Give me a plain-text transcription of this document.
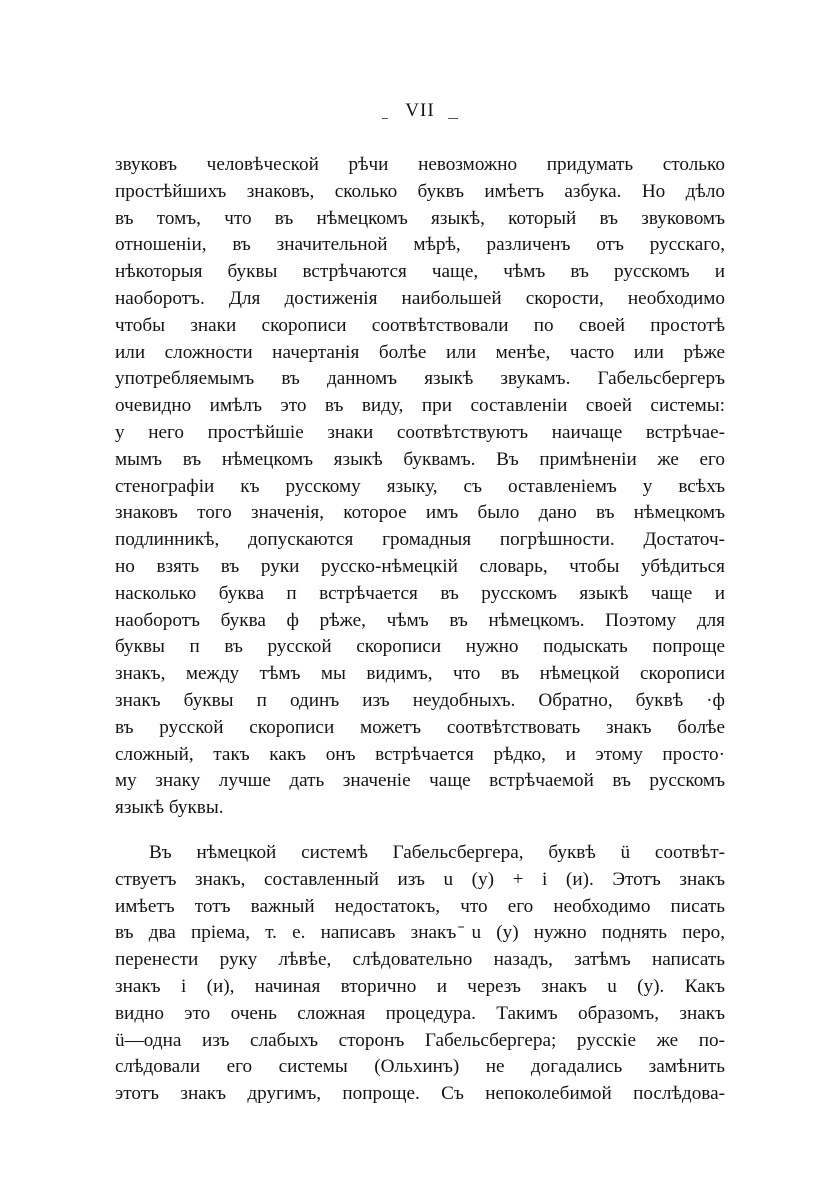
VII
звуковъ человѣческой рѣчи невозможно придумать столько
простѣйшихъ знаковъ, сколько буквъ имѣетъ азбука. Но дѣло
въ томъ, что въ нѣмецкомъ языкѣ, который въ звуковомъ
отношеніи, въ значительной мѣрѣ, различенъ отъ русскаго,
нѣкоторыя буквы встрѣчаются чаще, чѣмъ въ русскомъ и
наоборотъ. Для достиженія наибольшей скорости, необходимо
чтобы знаки скорописи соотвѣтствовали по своей простотѣ
или сложности начертанія болѣе или менѣе, часто или рѣже
употребляемымъ въ данномъ языкѣ звукамъ. Габельсбергеръ
очевидно имѣлъ это въ виду, при составленіи своей системы:
у него простѣйшіе знаки соотвѣтствуютъ наичаще встрѣчае-
мымъ въ нѣмецкомъ языкѣ буквамъ. Въ примѣненіи же его
стенографіи къ русскому языку, съ оставленіемъ у всѣхъ
знаковъ того значенія, которое имъ было дано въ нѣмецкомъ
подлинникѣ, допускаются громадныя погрѣшности. Достаточ-
но взять въ руки русско-нѣмецкій словарь, чтобы убѣдиться
насколько буква п встрѣчается въ русскомъ языкѣ чаще и
наоборотъ буква ф рѣже, чѣмъ въ нѣмецкомъ. Поэтому для
буквы п въ русской скорописи нужно подыскать попроще
знакъ, между тѣмъ мы видимъ, что въ нѣмецкой скорописи
знакъ буквы п одинъ изъ неудобныхъ. Обратно, буквѣ ·ф
въ русской скорописи можетъ соотвѣтствовать знакъ болѣе
сложный, такъ какъ онъ встрѣчается рѣдко, и этому просто·
му знаку лучше дать значеніе чаще встрѣчаемой въ русскомъ
языкѣ буквы.
Въ нѣмецкой системѣ Габельсбергера, буквѣ ü соотвѣт-
ствуетъ знакъ, составленный изъ u (у) + i (и). Этотъ знакъ
имѣетъ тотъ важный недостатокъ, что его необходимо писать
въ два пріема, т. е. написавъ знакъ ̄u (у) нужно поднять перо,
перенести руку лѣвѣе, слѣдовательно назадъ, затѣмъ написать
знакъ i (и), начиная вторично и черезъ знакъ u (у). Какъ
видно это очень сложная процедура. Такимъ образомъ, знакъ
ü—одна изъ слабыхъ сторонъ Габельсбергера; русскіе же по-
слѣдовали его системы (Ольхинъ) не догадались замѣнить
этотъ знакъ другимъ, попроще. Съ непоколебимой послѣдова-
